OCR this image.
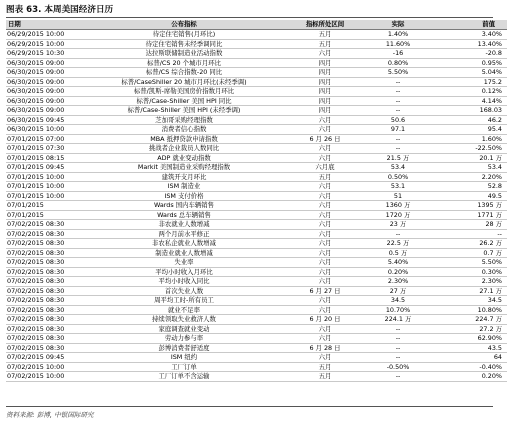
图表 63. 本周美国经济日历
日期	公布指标	指标所处区间	实际	前值
06/29/2015 10:00	待定住宅销售(月环比)	五月	1.40%	3.40%
06/29/2015 10:00	待定住宅销售未经季调同比	五月	11.60%	13.40%
06/29/2015 10:30	达拉斯联储制造业活动指数	六月	-16	-20.8
06/30/2015 09:00	标普/CS 20 个城市月环比	四月	0.80%	0.95%
06/30/2015 09:00	标普/CS 综合指数-20 同比	四月	5.50%	5.04%
06/30/2015 09:00	标普/CaseShiller 20 城市月环比(未经季调)	四月	--	175.2
06/30/2015 09:00	标普/凯斯-席勒美国房价指数月环比	四月	--	0.12%
06/30/2015 09:00	标普/Case-Shiller 美国 HPI 同比	四月	--	4.14%
06/30/2015 09:00	标普/Case-Shiller 美国 HPI (未经季调)	四月	--	168.03
06/30/2015 09:45	芝加哥采购经理指数	六月	50.6	46.2
06/30/2015 10:00	消费者信心指数	六月	97.1	95.4
07/01/2015 07:00	MBA 抵押贷款申请指数	6 月 26 日	--	1.60%
07/01/2015 07:30	挑战者企业裁员人数同比	六月	--	-22.50%
07/01/2015 08:15	ADP 就业变动指数	六月	21.5 万	20.1 万
07/01/2015 09:45	Markit 美国制造业采购经理指数	六月底	53.4	53.4
07/01/2015 10:00	建筑开支月环比	五月	0.50%	2.20%
07/01/2015 10:00	ISM 制造业	六月	53.1	52.8
07/01/2015 10:00	ISM 支付价格	六月	51	49.5
07/01/2015	Wards 国内车辆销售	六月	1360 万	1395 万
07/01/2015	Wards 总车辆销售	六月	1720 万	1771 万
07/02/2015 08:30	非农就业人数增减	六月	23 万	28 万
07/02/2015 08:30	两个月前水平修正	六月	--	--
07/02/2015 08:30	非农私企就业人数增减	六月	22.5 万	26.2 万
07/02/2015 08:30	制造业就业人数增减	六月	0.5 万	0.7 万
07/02/2015 08:30	失业率	六月	5.40%	5.50%
07/02/2015 08:30	平均小时收入月环比	六月	0.20%	0.30%
07/02/2015 08:30	平均小时收入同比	六月	2.30%	2.30%
07/02/2015 08:30	首次失业人数	6 月 27 日	27 万	27.1 万
07/02/2015 08:30	周平均工时-所有员工	六月	34.5	34.5
07/02/2015 08:30	就业不足率	六月	10.70%	10.80%
07/02/2015 08:30	持续领取失业救济人数	6 月 20 日	224.1 万	224.7 万
07/02/2015 08:30	家庭调查就业变动	六月	--	27.2 万
07/02/2015 08:30	劳动力参与率	六月	--	62.90%
07/02/2015 08:30	彭博消费者舒适度	6 月 28 日	--	43.5
07/02/2015 09:45	ISM 纽约	六月	--	64
07/02/2015 10:00	工厂订单	五月	-0.50%	-0.40%
07/02/2015 10:00	工厂订单不含运输	五月	--	0.20%
资料来源: 彭博, 中银国际研究
